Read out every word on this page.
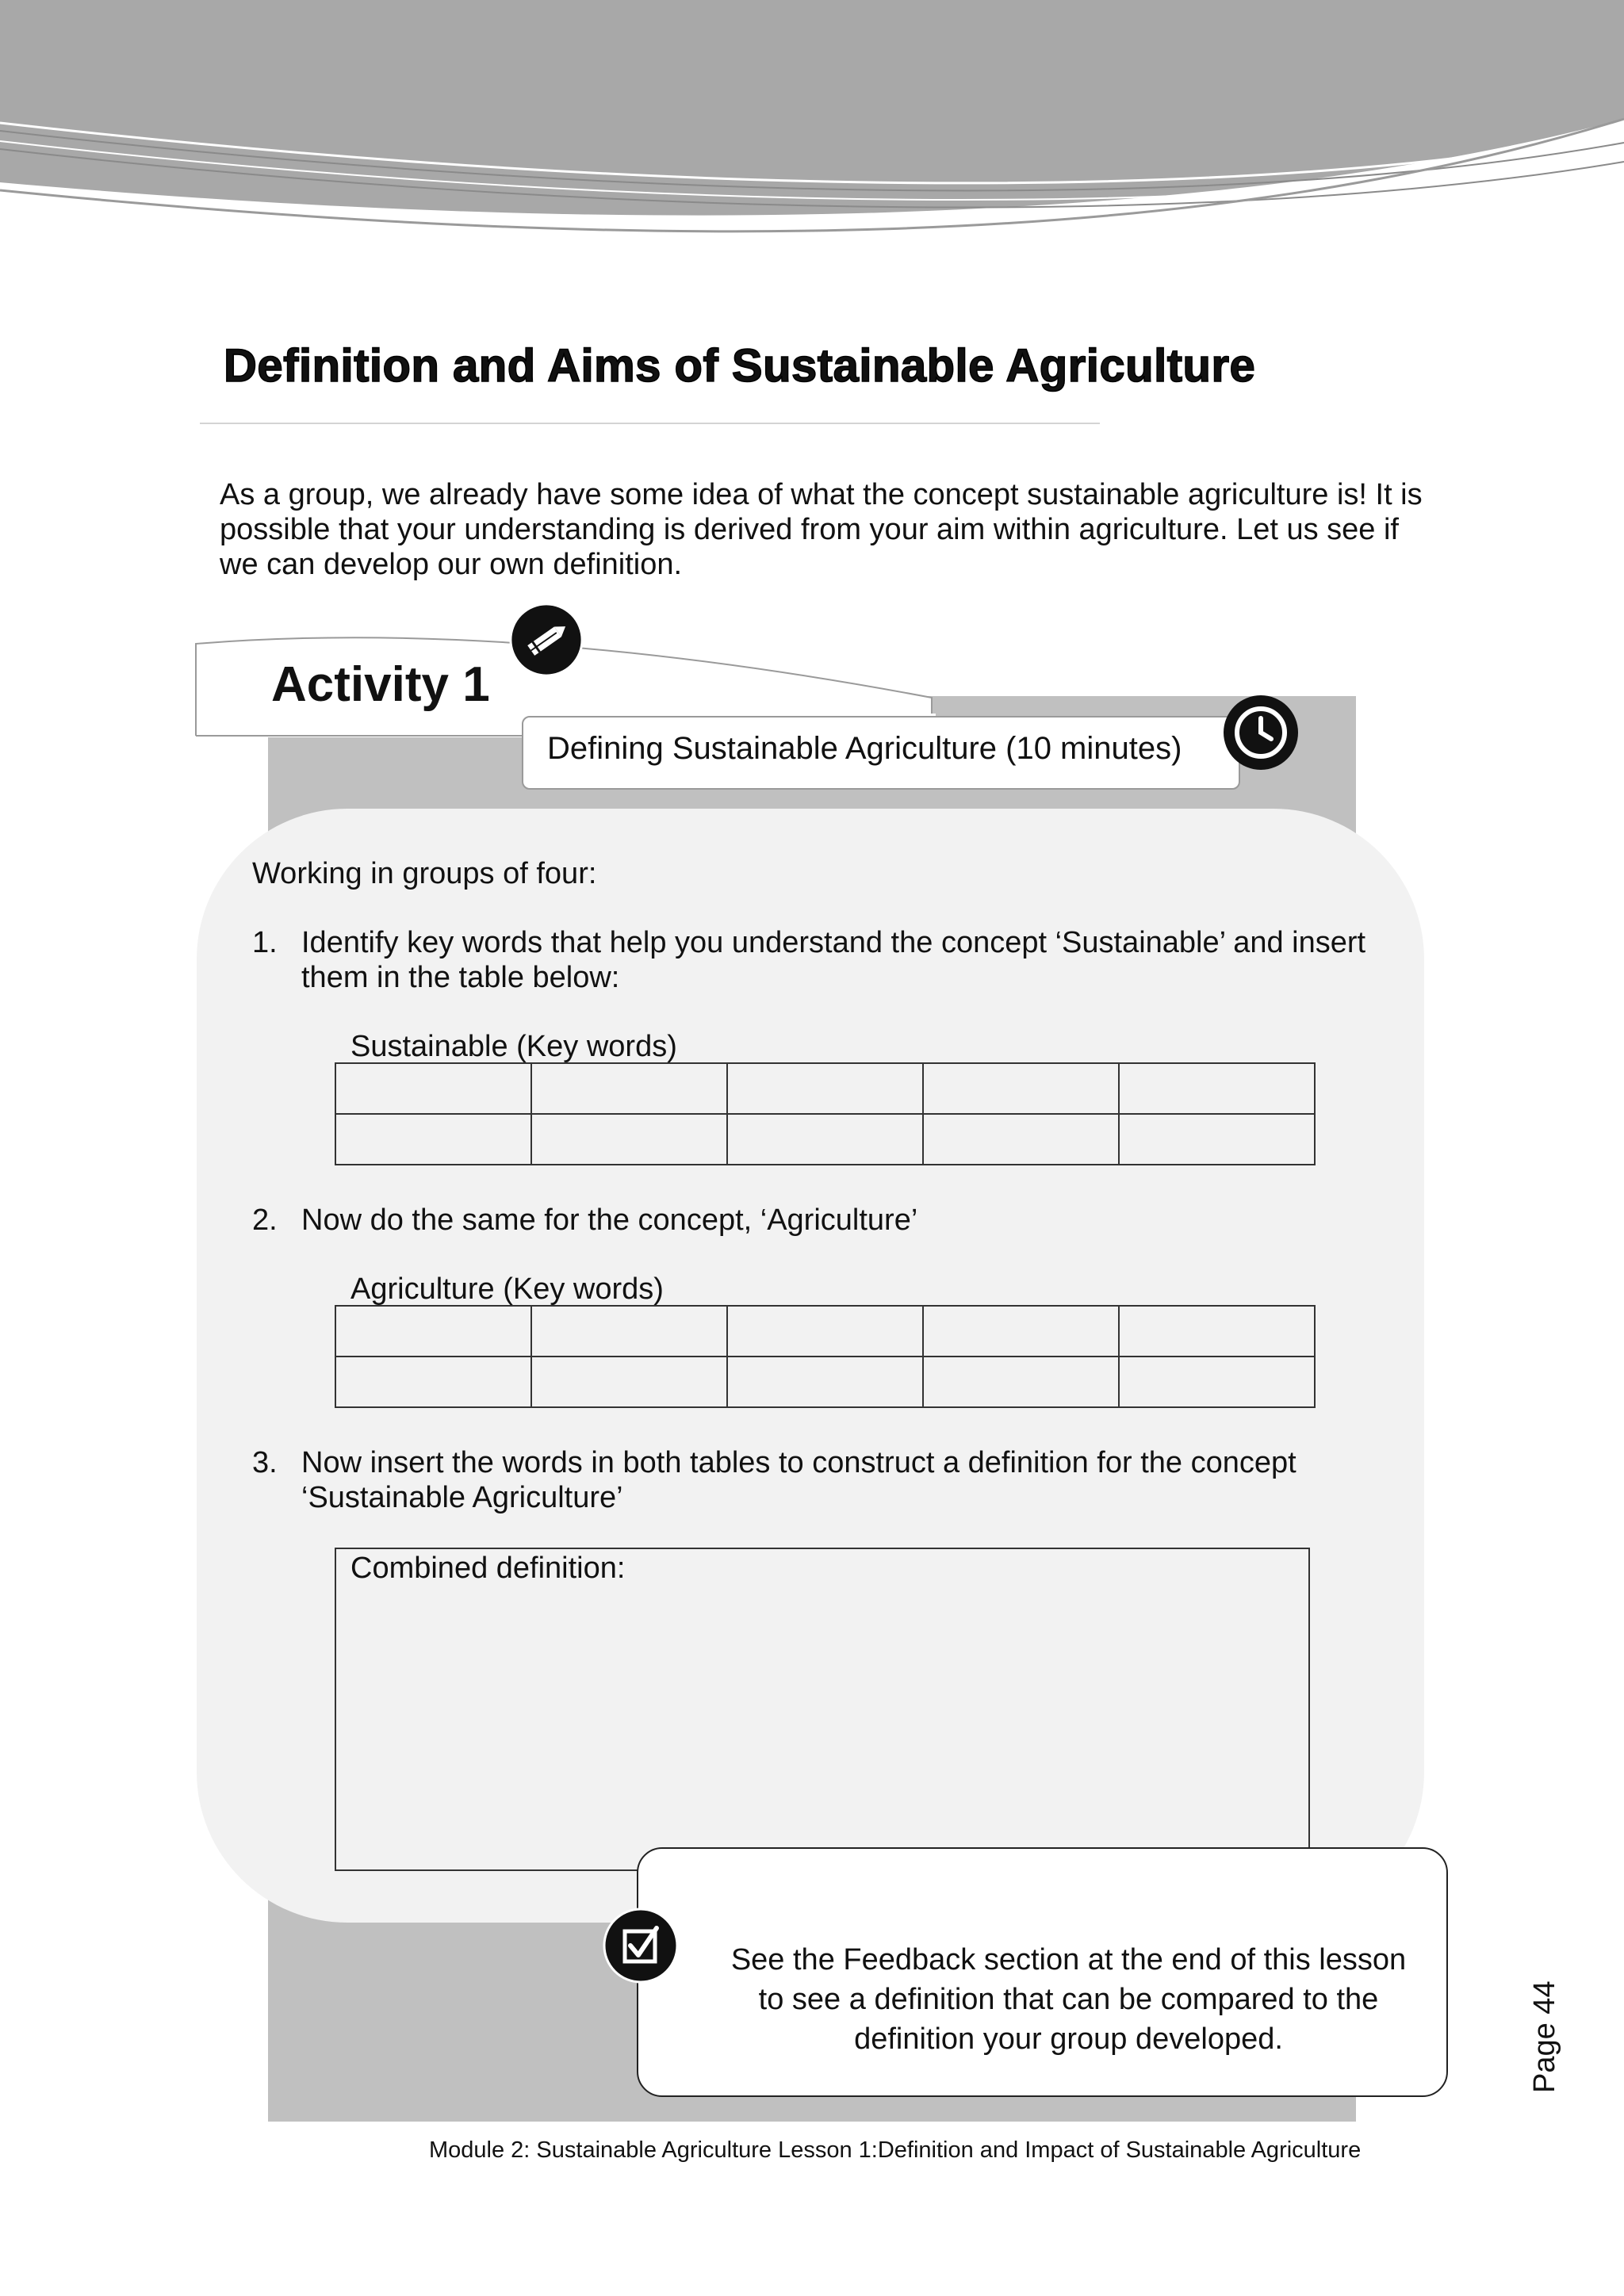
Definition and Aims of Sustainable Agriculture
As a group, we already have some idea of what the concept sustainable agriculture is! It is
possible that your understanding is derived from your aim within agriculture. Let us see if
we can develop our own definition.
Activity 1
Defining Sustainable Agriculture (10 minutes)
Working in groups of four:
1. Identify key words that help you understand the concept ‘Sustainable’ and insert
them in the table below:
Sustainable (Key words)

2. Now do the same for the concept, ‘Agriculture’
Agriculture (Key words)

3. Now insert the words in both tables to construct a definition for the concept
‘Sustainable Agriculture’
Combined definition:
See the Feedback section at the end of this lesson
to see a definition that can be compared to the
definition your group developed.	Page 44
Module 2: Sustainable Agriculture Lesson 1:Definition and Impact of Sustainable Agriculture
